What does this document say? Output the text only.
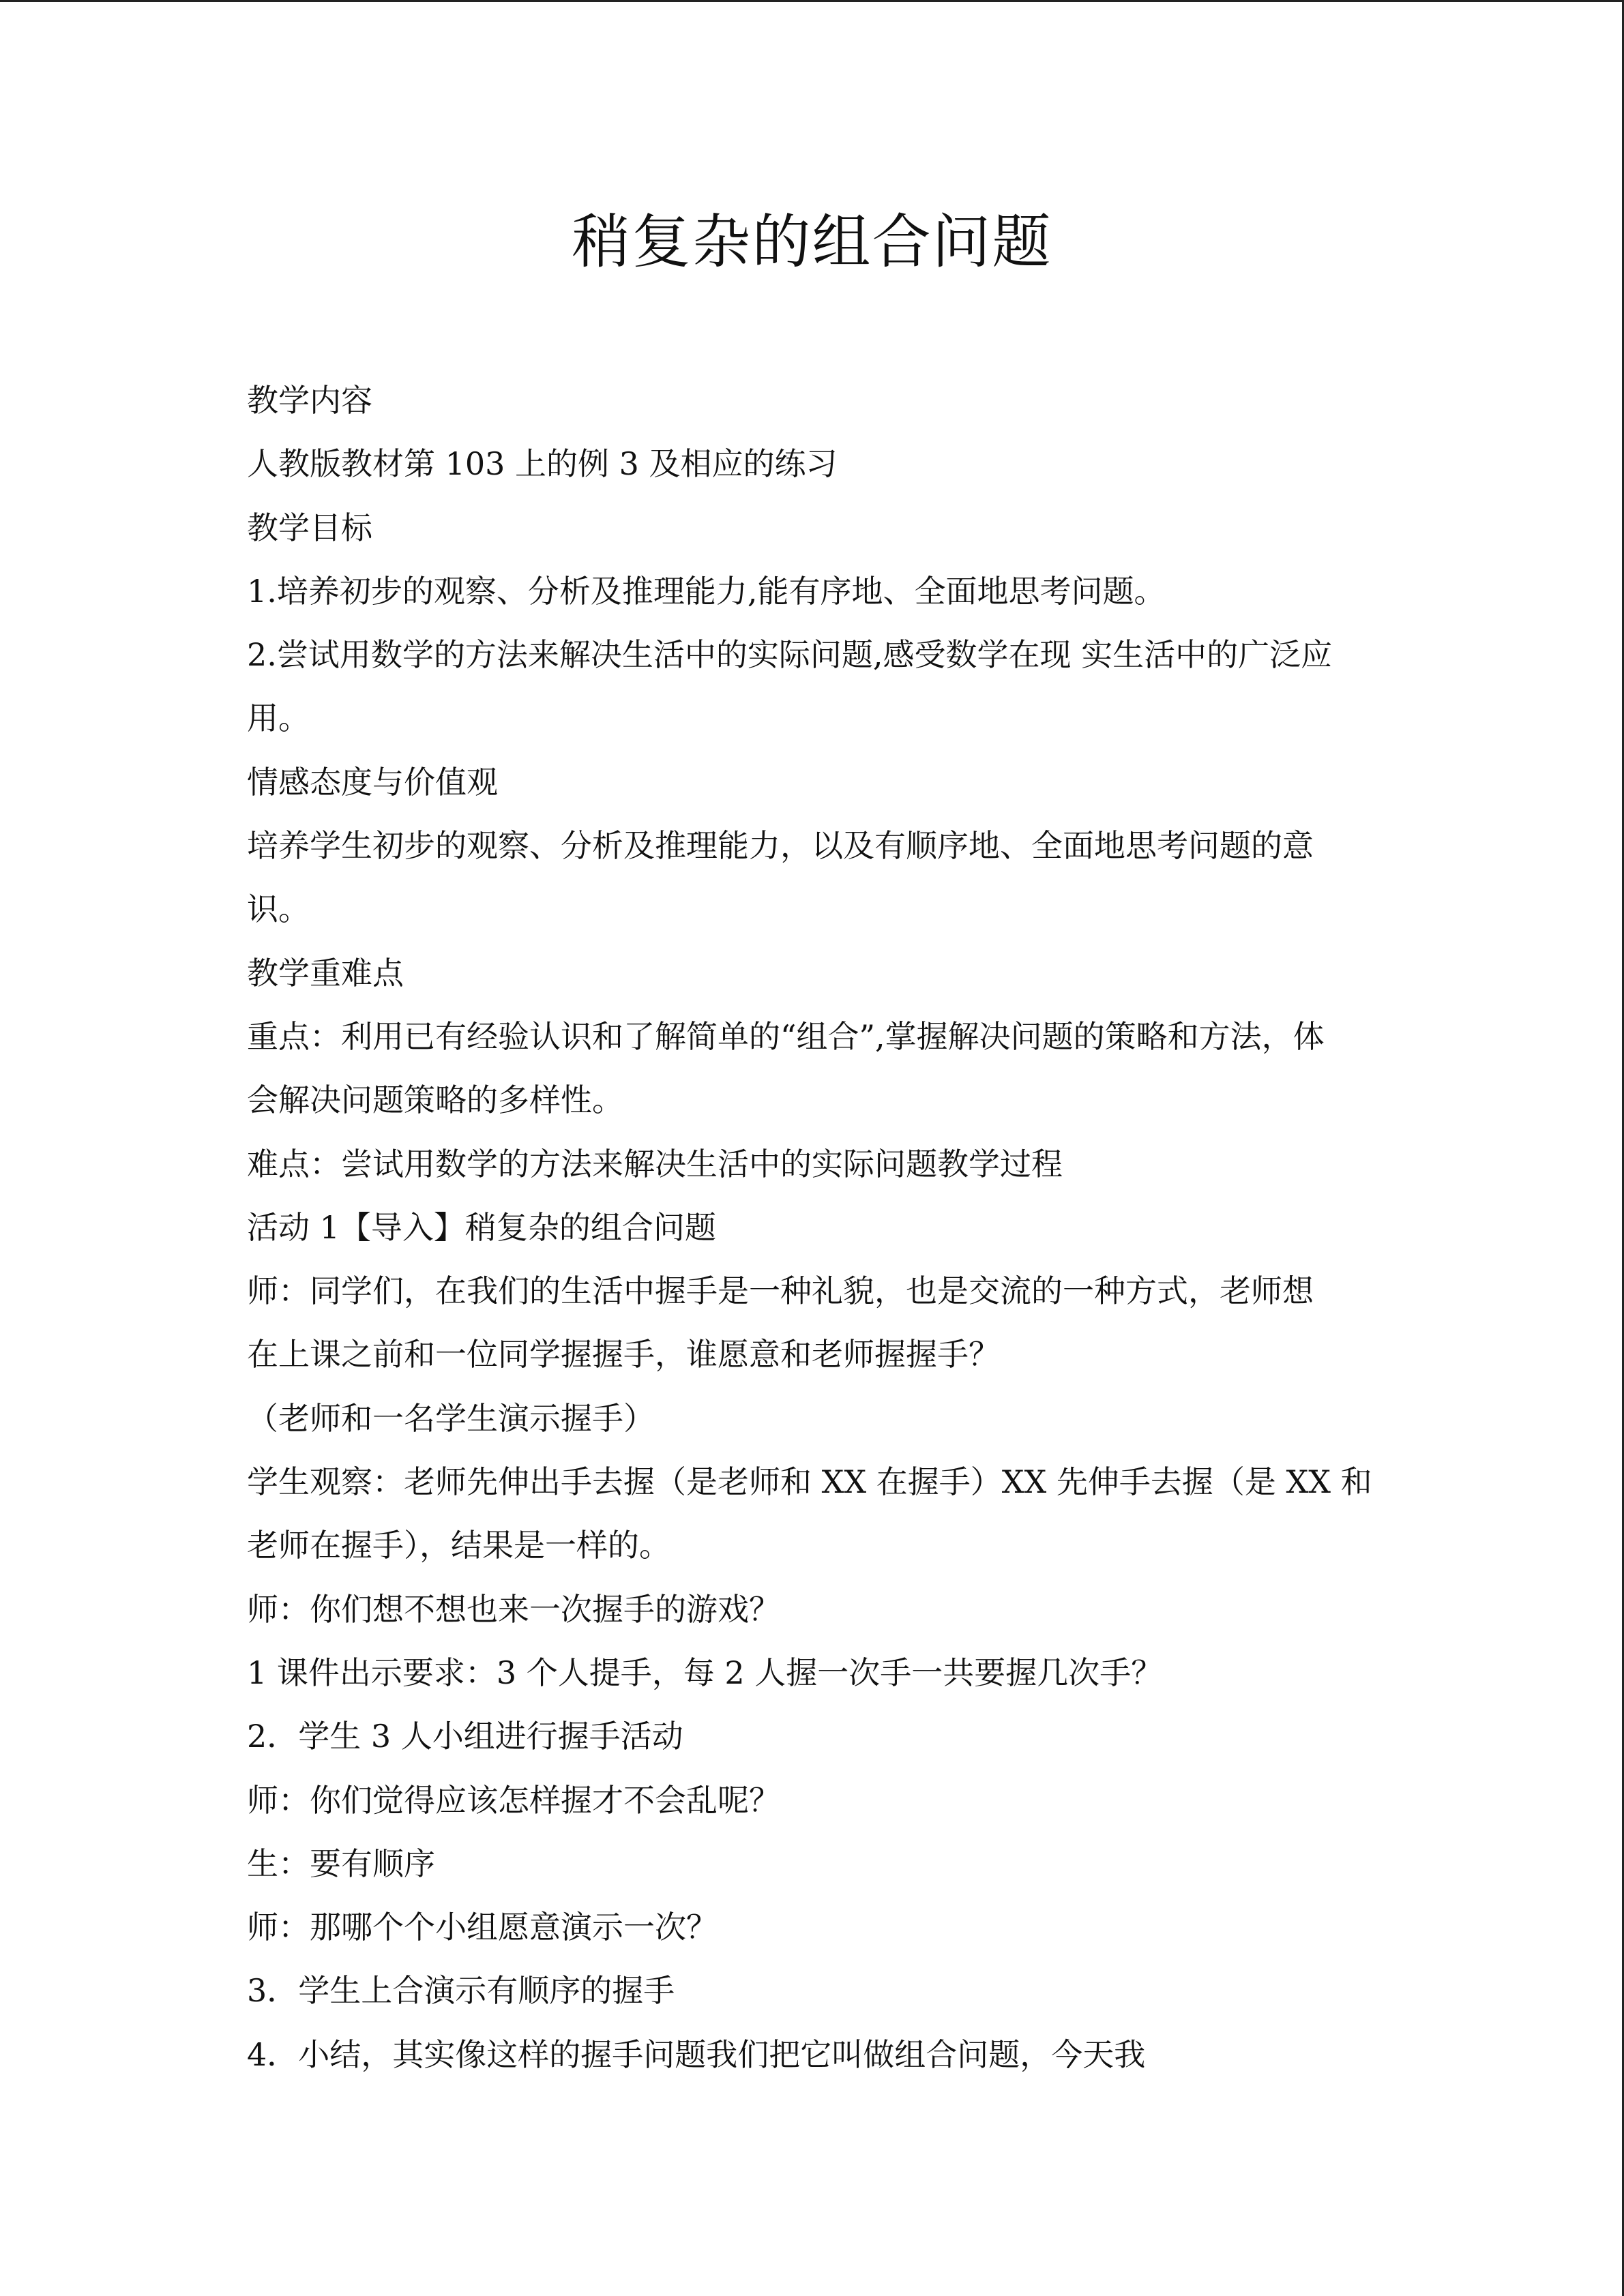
稍复杂的组合问题
教学内容
人教版教材第 103 上的例 3 及相应的练习
教学目标
1.培养初步的观察、分析及推理能力,能有序地、全面地思考问题。
2.尝试用数学的方法来解决生活中的实际问题,感受数学在现 实生活中的广泛应
用。
情感态度与价值观
培养学生初步的观察、分析及推理能力，以及有顺序地、全面地思考问题的意
识。
教学重难点
重点：利用已有经验认识和了解简单的“组合”,掌握解决问题的策略和方法，体
会解决问题策略的多样性。
难点：尝试用数学的方法来解决生活中的实际问题教学过程
活动 1【导入】稍复杂的组合问题
师：同学们，在我们的生活中握手是一种礼貌，也是交流的一种方式，老师想
在上课之前和一位同学握握手，谁愿意和老师握握手？
（老师和一名学生演示握手）
学生观察：老师先伸出手去握（是老师和 XX 在握手）XX 先伸手去握（是 XX 和
老师在握手），结果是一样的。
师：你们想不想也来一次握手的游戏？
1 课件出示要求：3 个人提手，每 2 人握一次手一共要握几次手？
2．学生 3 人小组进行握手活动
师：你们觉得应该怎样握才不会乱呢？
生：要有顺序
师：那哪个个小组愿意演示一次？
3．学生上合演示有顺序的握手
4．小结，其实像这样的握手问题我们把它叫做组合问题，今天我
